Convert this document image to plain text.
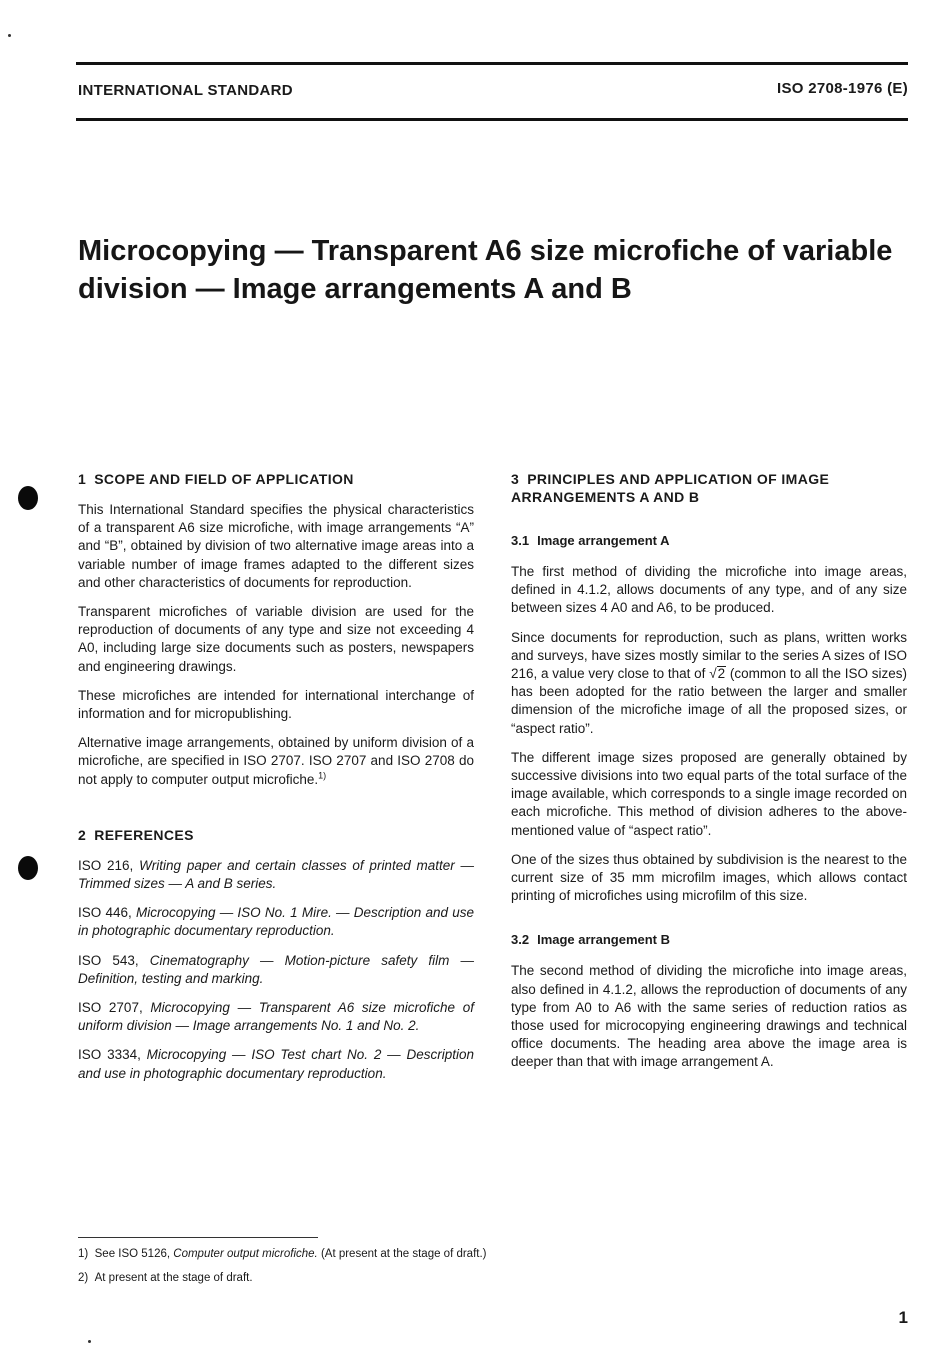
INTERNATIONAL STANDARD	ISO 2708-1976 (E)
Microcopying — Transparent A6 size microfiche of variable
division — Image arrangements A and B
1 SCOPE AND FIELD OF APPLICATION

This International Standard specifies the physical characteristics of a transparent A6 size microfiche, with image arrangements “A” and “B”, obtained by division of two alternative image areas into a variable number of image frames adapted to the different sizes and other characteristics of documents for reproduction.

Transparent microfiches of variable division are used for the reproduction of documents of any type and size not exceeding 4 A0, including large size documents such as posters, newspapers and engineering drawings.

These microfiches are intended for international interchange of information and for micropublishing.

Alternative image arrangements, obtained by uniform division of a microfiche, are specified in ISO 2707. ISO 2707 and ISO 2708 do not apply to computer output microfiche.$^{1)}$

2 REFERENCES

ISO 216, Writing paper and certain classes of printed matter — Trimmed sizes — A and B series.

ISO 446, Microcopying — ISO No. 1 Mire. — Description and use in photographic documentary reproduction.

ISO 543, Cinematography — Motion-picture safety film — Definition, testing and marking.

ISO 2707, Microcopying — Transparent A6 size microfiche of uniform division — Image arrangements No. 1 and No. 2.

ISO 3334, Microcopying — ISO Test chart No. 2 — Description and use in photographic documentary reproduction.

3 PRINCIPLES AND APPLICATION OF IMAGE ARRANGEMENTS A AND B
3.1 Image arrangement A

The first method of dividing the microfiche into image areas, defined in 4.1.2, allows documents of any type, and of any size between sizes 4 A0 and A6, to be produced.

Since documents for reproduction, such as plans, written works and surveys, have sizes mostly similar to the series A sizes of ISO 216, a value very close to that of √2 (common to all the ISO sizes) has been adopted for the ratio between the larger and smaller dimension of the microfiche image of all the proposed sizes, or “aspect ratio”.

The different image sizes proposed are generally obtained by successive divisions into two equal parts of the total surface of the image available, which corresponds to a single image recorded on each microfiche. This method of division adheres to the above-mentioned value of “aspect ratio”.

One of the sizes thus obtained by subdivision is the nearest to the current size of 35 mm microfilm images, which allows contact printing of microfiches using microfilm of this size.

3.2 Image arrangement B

The second method of dividing the microfiche into image areas, also defined in 4.1.2, allows the reproduction of documents of any type from A0 to A6 with the same series of reduction ratios as those used for microcopying engineering drawings and technical office documents. The heading area above the image area is deeper than that with image arrangement A.

1) See ISO 5126, Computer output microfiche. (At present at the stage of draft.)
2) At present at the stage of draft.
1
